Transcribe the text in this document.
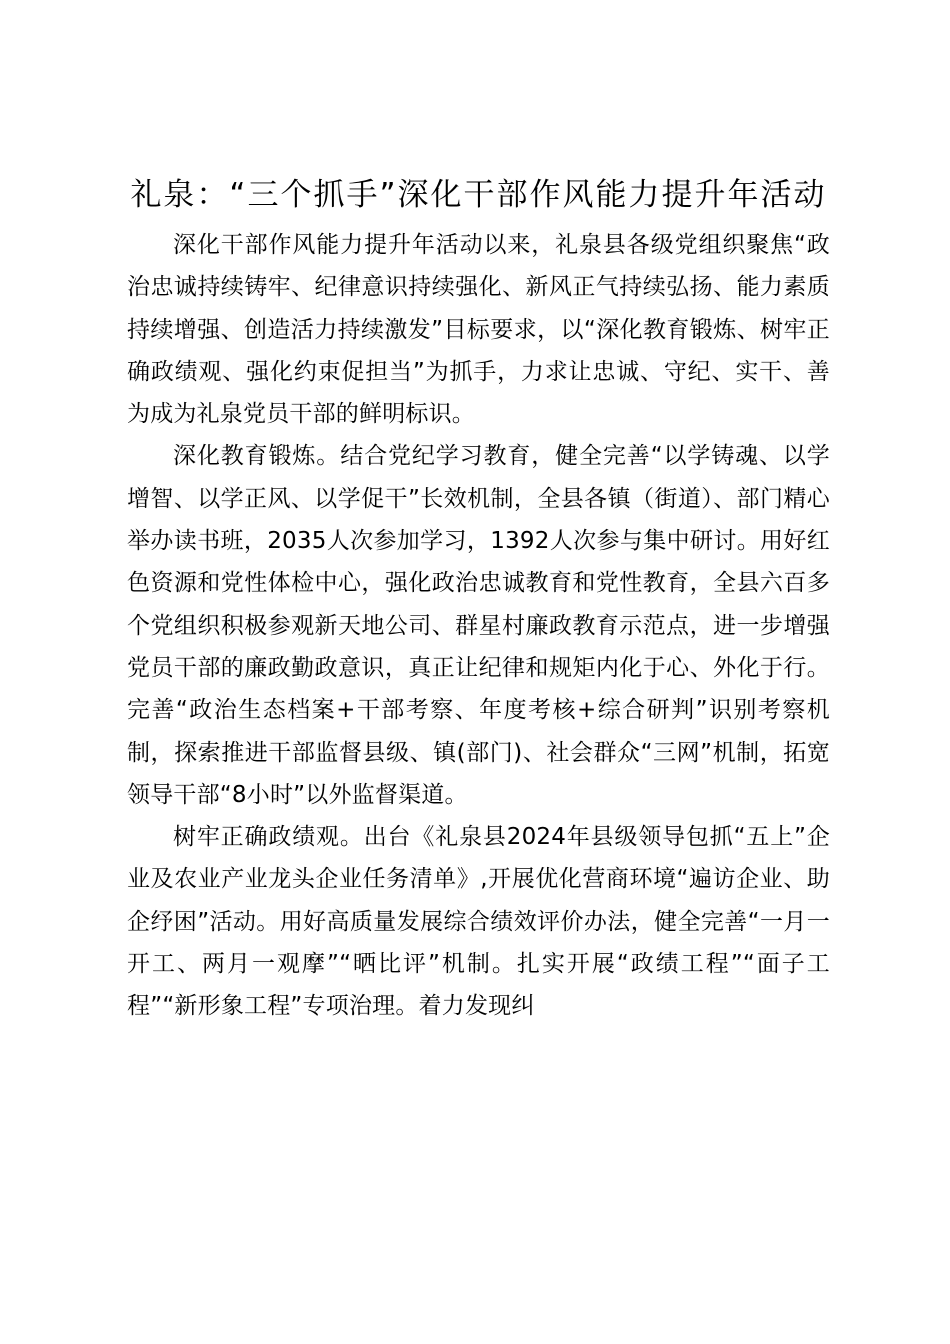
礼泉：“三个抓手”深化干部作风能力提升年活动

深化干部作风能力提升年活动以来，礼泉县各级党组织聚焦“政治忠诚持续铸牢、纪律意识持续强化、新风正气持续弘扬、能力素质持续增强、创造活力持续激发”目标要求，以“深化教育锻炼、树牢正确政绩观、强化约束促担当”为抓手，力求让忠诚、守纪、实干、善为成为礼泉党员干部的鲜明标识。

深化教育锻炼。结合党纪学习教育，健全完善“以学铸魂、以学增智、以学正风、以学促干”长效机制，全县各镇（街道）、部门精心举办读书班，2035人次参加学习，1392人次参与集中研讨。用好红色资源和党性体检中心，强化政治忠诚教育和党性教育，全县六百多个党组织积极参观新天地公司、群星村廉政教育示范点，进一步增强党员干部的廉政勤政意识，真正让纪律和规矩内化于心、外化于行。完善“政治生态档案+干部考察、年度考核+综合研判”识别考察机制，探索推进干部监督县级、镇(部门)、社会群众“三网”机制，拓宽领导干部“8小时”以外监督渠道。

树牢正确政绩观。出台《礼泉县2024年县级领导包抓“五上”企业及农业产业龙头企业任务清单》,开展优化营商环境“遍访企业、助企纾困”活动。用好高质量发展综合绩效评价办法，健全完善“一月一开工、两月一观摩”“晒比评”机制。扎实开展“政绩工程”“面子工程”“新形象工程”专项治理。着力发现纠
